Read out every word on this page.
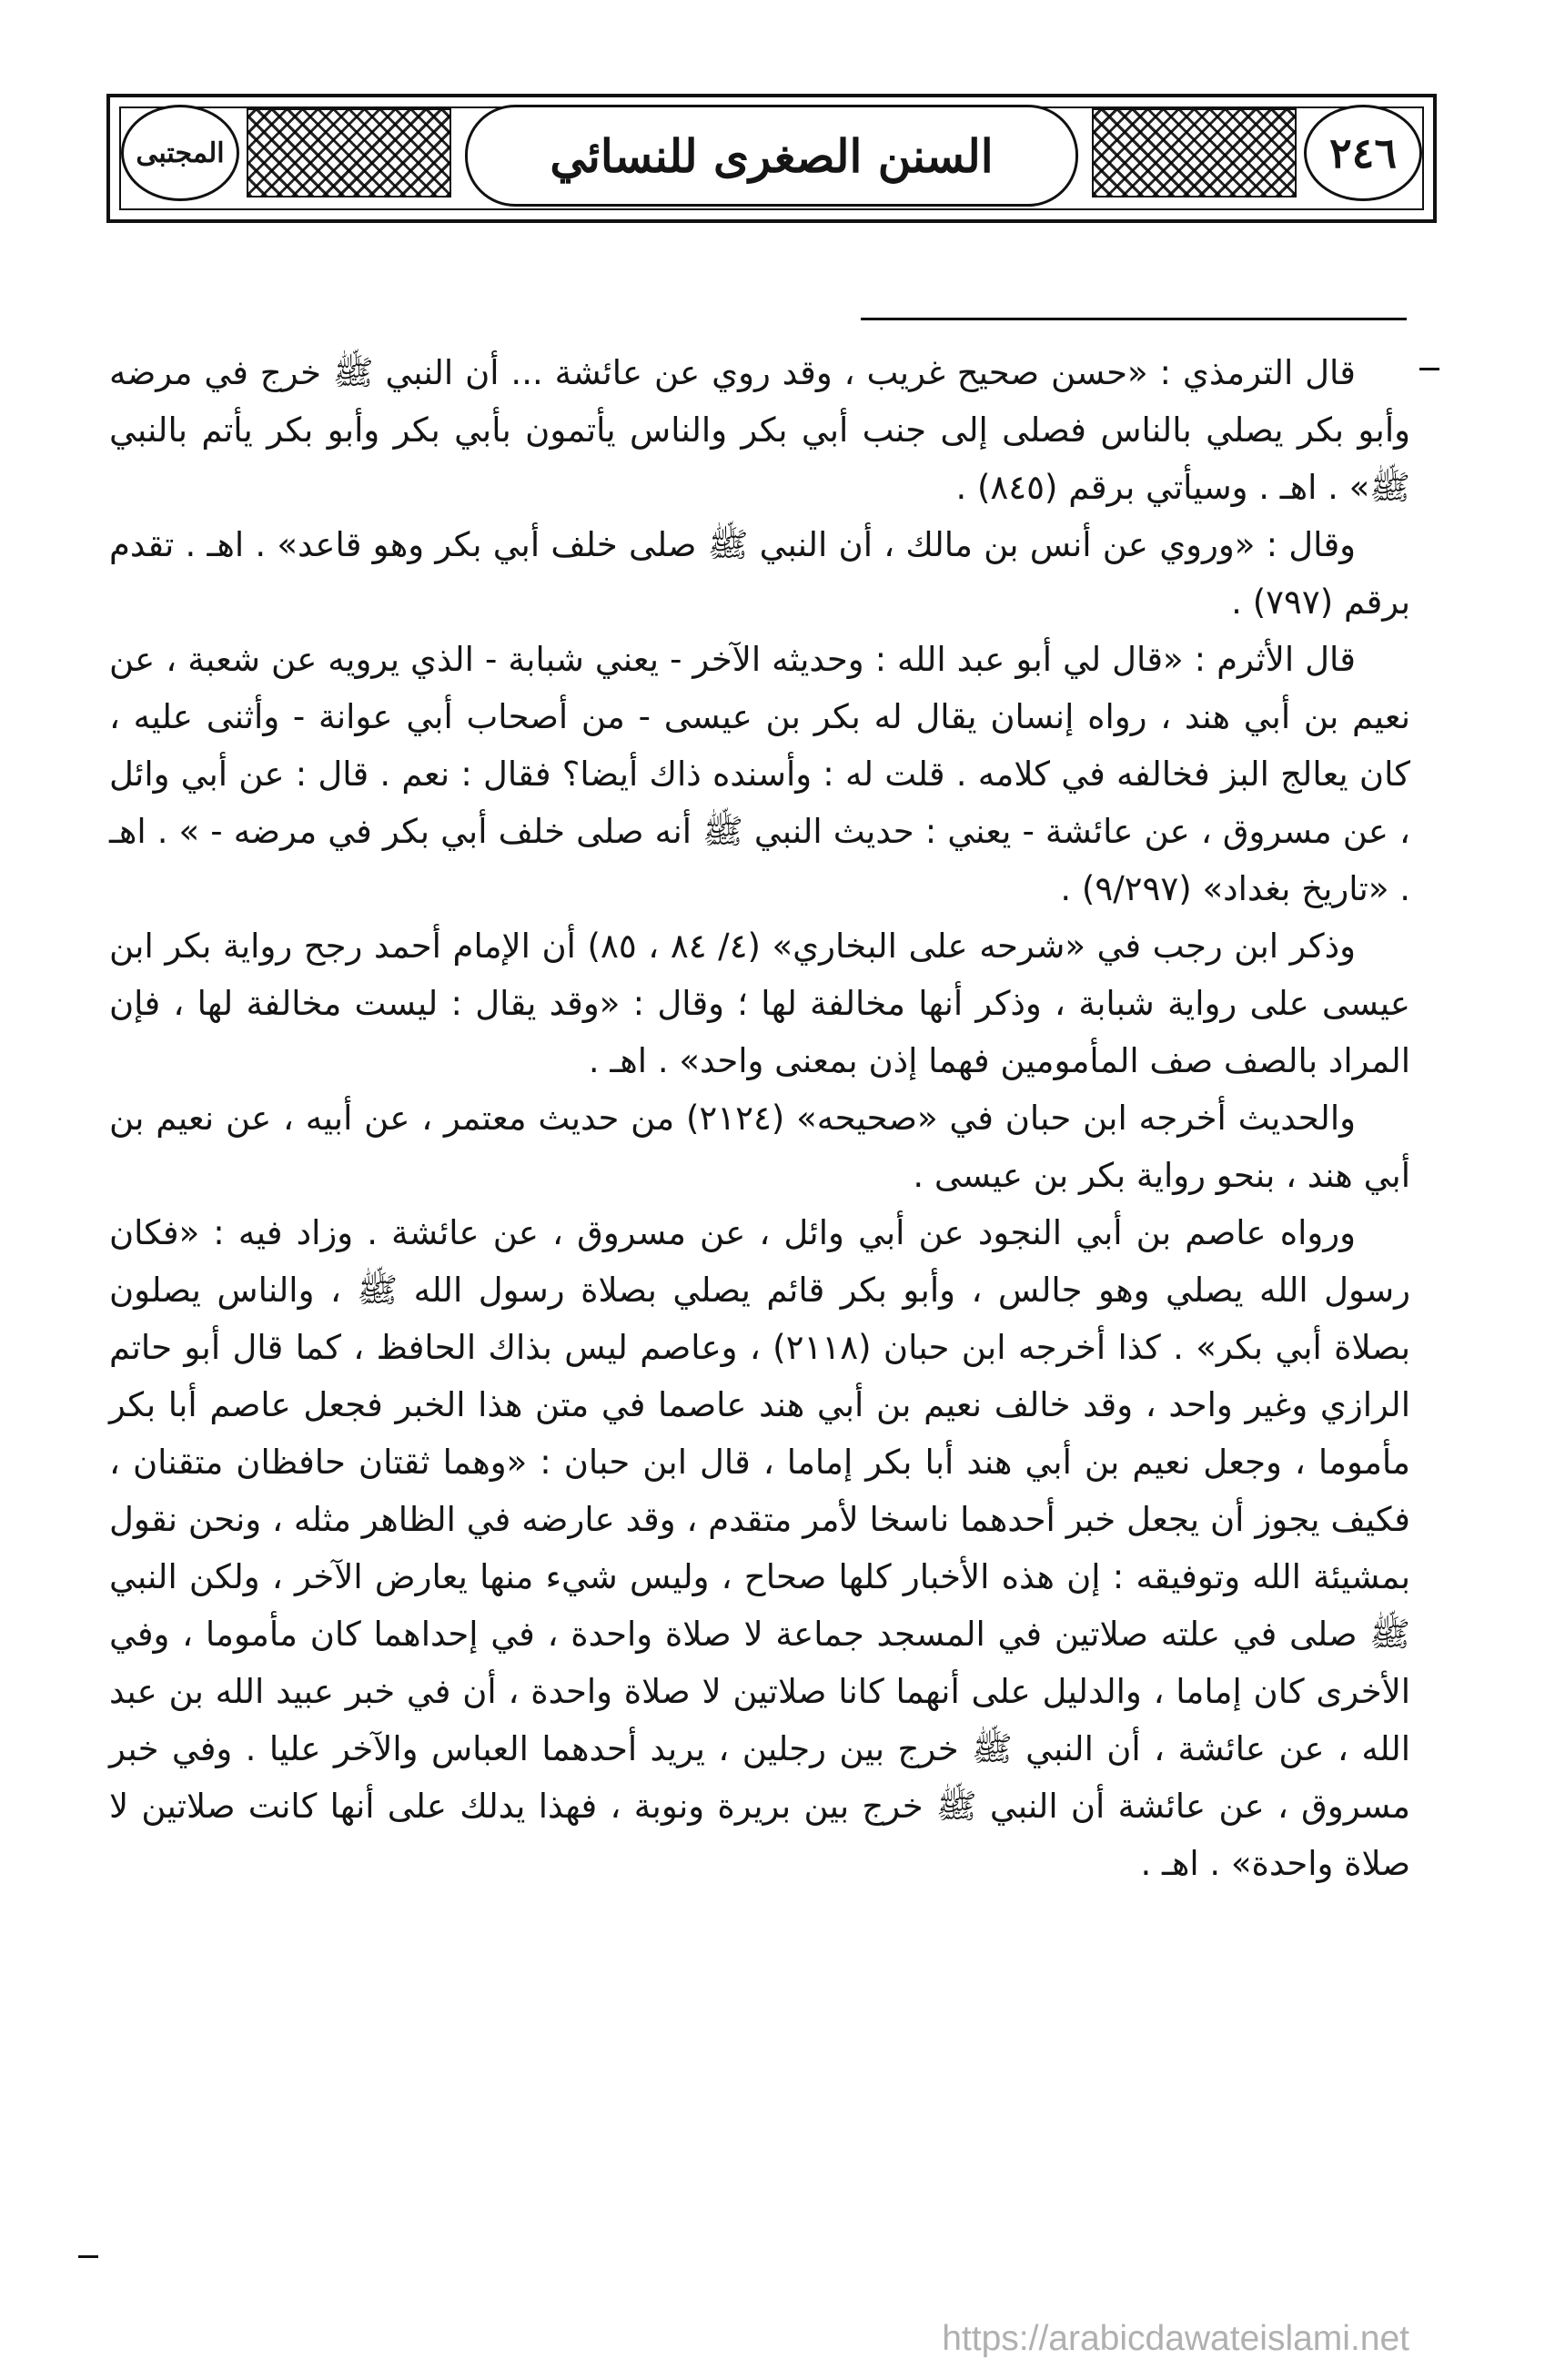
المجتبى	السنن الصغرى للنسائي	٢٤٦

قال الترمذي : «حسن صحيح غريب ، وقد روي عن عائشة ... أن النبي ﷺ خرج في مرضه وأبو بكر يصلي بالناس فصلى إلى جنب أبي بكر والناس يأتمون بأبي بكر وأبو بكر يأتم بالنبي ﷺ» . اهـ . وسيأتي برقم (٨٤٥) .

وقال : «وروي عن أنس بن مالك ، أن النبي ﷺ صلى خلف أبي بكر وهو قاعد» . اهـ . تقدم برقم (٧٩٧) .

قال الأثرم : «قال لي أبو عبد الله : وحديثه الآخر - يعني شبابة - الذي يرويه عن شعبة ، عن نعيم بن أبي هند ، رواه إنسان يقال له بكر بن عيسى - من أصحاب أبي عوانة - وأثنى عليه ، كان يعالج البز فخالفه في كلامه . قلت له : وأسنده ذاك أيضا؟ فقال : نعم . قال : عن أبي وائل ، عن مسروق ، عن عائشة - يعني : حديث النبي ﷺ أنه صلى خلف أبي بكر في مرضه - » . اهـ . «تاريخ بغداد» (٩/٢٩٧) .

وذكر ابن رجب في «شرحه على البخاري» (٤/ ٨٤ ، ٨٥) أن الإمام أحمد رجح رواية بكر ابن عيسى على رواية شبابة ، وذكر أنها مخالفة لها ؛ وقال : «وقد يقال : ليست مخالفة لها ، فإن المراد بالصف صف المأمومين فهما إذن بمعنى واحد» . اهـ .

والحديث أخرجه ابن حبان في «صحيحه» (٢١٢٤) من حديث معتمر ، عن أبيه ، عن نعيم بن أبي هند ، بنحو رواية بكر بن عيسى .

ورواه عاصم بن أبي النجود عن أبي وائل ، عن مسروق ، عن عائشة . وزاد فيه : «فكان رسول الله يصلي وهو جالس ، وأبو بكر قائم يصلي بصلاة رسول الله ﷺ ، والناس يصلون بصلاة أبي بكر» . كذا أخرجه ابن حبان (٢١١٨) ، وعاصم ليس بذاك الحافظ ، كما قال أبو حاتم الرازي وغير واحد ، وقد خالف نعيم بن أبي هند عاصما في متن هذا الخبر فجعل عاصم أبا بكر مأموما ، وجعل نعيم بن أبي هند أبا بكر إماما ، قال ابن حبان : «وهما ثقتان حافظان متقنان ، فكيف يجوز أن يجعل خبر أحدهما ناسخا لأمر متقدم ، وقد عارضه في الظاهر مثله ، ونحن نقول بمشيئة الله وتوفيقه : إن هذه الأخبار كلها صحاح ، وليس شيء منها يعارض الآخر ، ولكن النبي ﷺ صلى في علته صلاتين في المسجد جماعة لا صلاة واحدة ، في إحداهما كان مأموما ، وفي الأخرى كان إماما ، والدليل على أنهما كانا صلاتين لا صلاة واحدة ، أن في خبر عبيد الله بن عبد الله ، عن عائشة ، أن النبي ﷺ خرج بين رجلين ، يريد أحدهما العباس والآخر عليا . وفي خبر مسروق ، عن عائشة أن النبي ﷺ خرج بين بريرة ونوبة ، فهذا يدلك على أنها كانت صلاتين لا صلاة واحدة» . اهـ .

https://arabicdawateislami.net
